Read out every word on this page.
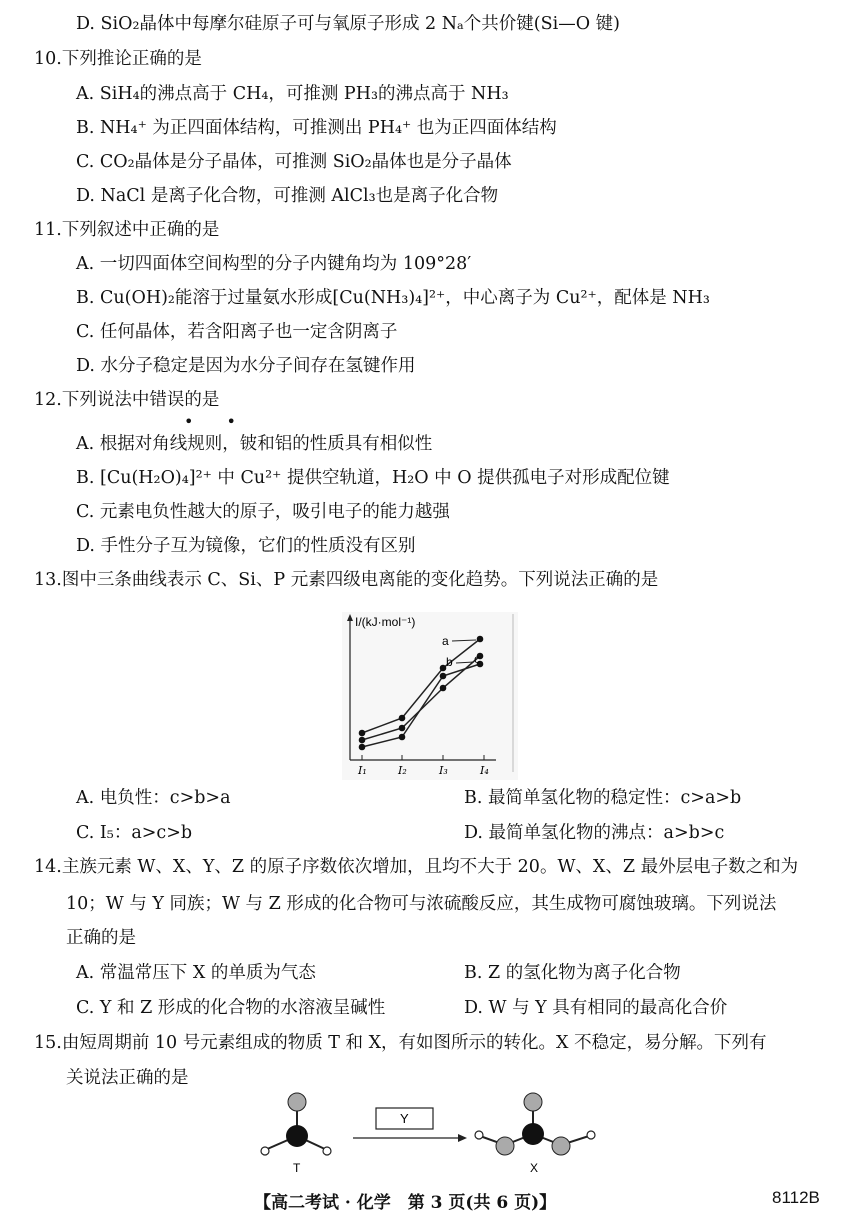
D. SiO₂晶体中每摩尔硅原子可与氧原子形成 2 Nₐ个共价键(Si—O 键)
10.下列推论正确的是
A. SiH₄的沸点高于 CH₄，可推测 PH₃的沸点高于 NH₃
B. NH₄⁺ 为正四面体结构，可推测出 PH₄⁺ 也为正四面体结构
C. CO₂晶体是分子晶体，可推测 SiO₂晶体也是分子晶体
D. NaCl 是离子化合物，可推测 AlCl₃也是离子化合物
11.下列叙述中正确的是
A. 一切四面体空间构型的分子内键角均为 109°28′
B. Cu(OH)₂能溶于过量氨水形成[Cu(NH₃)₄]²⁺，中心离子为 Cu²⁺，配体是 NH₃
C. 任何晶体，若含阳离子也一定含阴离子
D. 水分子稳定是因为水分子间存在氢键作用
12.下列说法中错误的是
• •
A. 根据对角线规则，铍和铝的性质具有相似性
B. [Cu(H₂O)₄]²⁺ 中 Cu²⁺ 提供空轨道，H₂O 中 O 提供孤电子对形成配位键
C. 元素电负性越大的原子，吸引电子的能力越强
D. 手性分子互为镜像，它们的性质没有区别
13.图中三条曲线表示 C、Si、P 元素四级电离能的变化趋势。下列说法正确的是
I/(kJ·mol⁻¹)
I₁	I₂	I₃	I₄
a
b c
A. 电负性：c>b>a	B. 最简单氢化物的稳定性：c>a>b
C. I₅：a>c>b	D. 最简单氢化物的沸点：a>b>c
14.主族元素 W、X、Y、Z 的原子序数依次增加，且均不大于 20。W、X、Z 最外层电子数之和为
10；W 与 Y 同族；W 与 Z 形成的化合物可与浓硫酸反应，其生成物可腐蚀玻璃。下列说法
正确的是
A. 常温常压下 X 的单质为气态	B. Z 的氢化物为离子化合物
C. Y 和 Z 形成的化合物的水溶液呈碱性	D. W 与 Y 具有相同的最高化合价
15.由短周期前 10 号元素组成的物质 T 和 X，有如图所示的转化。X 不稳定，易分解。下列有
关说法正确的是
T
Y
X
【高二考试 · 化学　第 3 页(共 6 页)】	8112B
